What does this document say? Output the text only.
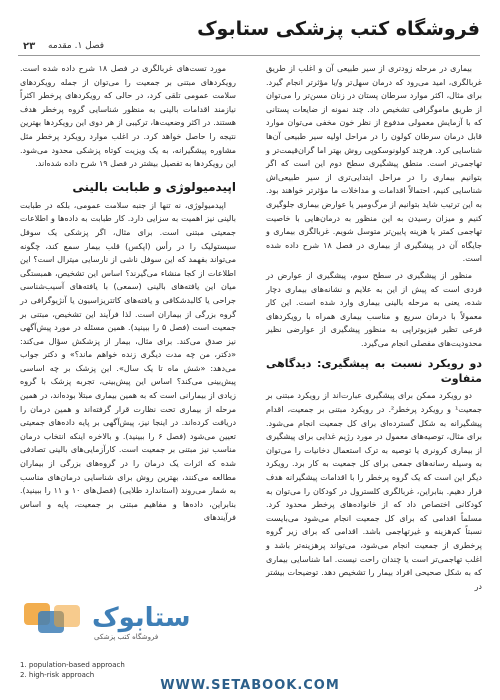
فروشگاه کتب پزشکی ستابوک
۲۳ فصل ۱. مقدمه

بیماری در مرحله زودتری از سیر طبیعی آن و اغلب از طریق غربالگری، امید می‌رود که درمان سهل‌تر و/یا مؤثرتر انجام گیرد. برای مثال، اکثر موارد سرطان پستان در زنان مسن‌تر را می‌توان از طریق ماموگرافی تشخیص داد. چند نمونه از ضایعات پستانی که با آزمایش معمولی مدفوع از نظر خون مخفی می‌توان موارد قابل درمان سرطان کولون را در مراحل اولیه سیر طبیعی آن‌ها شناسایی کرد. هرچند کولونوسکوپی روش بهتر اما گران‌قیمت‌تر و تهاجمی‌تر است. منطق پیشگیری سطح دوم این است که اگر بتوانیم بیماری را در مراحل ابتدایی‌تری از سیر طبیعی‌اش شناسایی کنیم، احتمالاً اقدامات و مداخلات ما مؤثرتر خواهند بود. به این ترتیب شاید بتوانیم از مرگ‌ومیر یا عوارض بیماری جلوگیری کنیم و میزان رسیدن به این منظور به درمان‌هایی با خاصیت تهاجمی کمتر یا هزینه پایین‌تر متوسل شویم. غربالگری بیماری و جایگاه آن در پیشگیری از بیماری در فصل ۱۸ شرح داده شده است.

منظور از پیشگیری در سطح سوم، پیشگیری از عوارض در فردی است که پیش از این به علایم و نشانه‌های بیماری دچار شده، یعنی به مرحله بالینی بیماری وارد شده است. این کار معمولاً با درمان سریع و مناسب بیماری همراه با رویکردهای فرعی تظیر فیزیوتراپی به منظور پیشگیری از عوارضی نظیر محدودیت‌های مفصلی انجام می‌گیرد.

دو رویکرد نسبت به پیشگیری: دیدگاهی متفاوت

دو رویکرد ممکن برای پیشگیری عبارت‌اند از رویکرد مبتنی بر جمعیت¹ و رویکرد پرخطر². در رویکرد مبتنی بر جمعیت، اقدام پیشگیرانه به شکل گسترده‌ای برای کل جمعیت انجام می‌شود. برای مثال، توصیه‌های معمول در مورد رژیم غذایی برای پیشگیری از بیماری کرونری یا توصیه به ترک استعمال دخانیات را می‌توان به وسیله رسانه‌های جمعی برای کل جمعیت به کار برد. رویکرد دیگر این است که یک گروه پرخطر را با اقدامات پیشگیرانه هدف قرار دهیم. بنابراین، غربالگری کلسترول در کودکان را می‌توان به کودکانی اختصاص داد که از خانواده‌های پرخطر محدود کرد. مسلماً اقدامی که برای کل جمعیت انجام می‌شود می‌بایست نسبتاً کم‌هزینه و غیرتهاجمی باشد. اقدامی که برای زیر گروه پرخطری از جمعیت انجام می‌شود، می‌تواند پرهزینه‌تر باشد و اغلب تهاجمی‌تر است یا چندان راحت نیست. اما شناسایی بیماری که به شکل صحیحی افراد بیمار را تشخیص دهد. توضیحات بیشتر در

مورد تست‌های غربالگری در فصل ۱۸ شرح داده شده است. رویکردهای مبتنی بر جمعیت را می‌توان از جمله رویکردهای سلامت عمومی تلقی کرد، در حالی که رویکردهای پرخطر اکثراً نیازمند اقدامات بالینی به منظور شناسایی گروه پرخطر هدف هستند. در اکثر وضعیت‌ها، ترکیبی از هر دوی این رویکردها بهترین نتیجه را حاصل خواهد کرد. در اغلب موارد رویکرد پرخطر مثل مشاوره پیشگیرانه، به یک ویزیت کوتاه پزشکی محدود می‌شود. این رویکردها به تفصیل بیشتر در فصل ۱۹ شرح داده شده‌اند.

اپیدمیولوژی و طبابت بالینی

اپیدمیولوژی، نه تنها از جنبه سلامت عمومی، بلکه در طبابت بالینی نیز اهمیت به سزایی دارد. کار طبابت به داده‌ها و اطلاعات جمعیتی مبتنی است. برای مثال، اگر پزشکی یک سوفل سیستولیک را در رأس (اپکس) قلب بیمار سمع کند، چگونه می‌تواند بفهمد که این سوفل ناشی از نارسایی میترال است؟ این اطلاعات از کجا منشاء می‌گیرند؟ اساس این تشخیص، همبستگی میان این یافته‌های بالینی (سمعی) با یافته‌های آسیب‌شناسی جراحی یا کالبدشکافی و یافته‌های کاتتریزاسیون یا آنژیوگرافی در گروه بزرگی از بیماران است. لذا فرآیند این تشخیص، مبتنی بر جمعیت است (فصل ۵ را ببینید). همین مسئله در مورد پیش‌آگهی نیز صدق می‌کند. برای مثال، بیمار از پزشکش سؤال می‌کند: «دکتر، من چه مدت دیگری زنده خواهم ماند؟» و دکتر جواب می‌دهد: «شش ماه تا یک سال». این پزشک بر چه اساسی پیش‌بینی می‌کند؟ اساس این پیش‌بینی، تجربه پزشک با گروه زیادی از بیمارانی است که به همین بیماری مبتلا بوده‌اند، در همین مرحله از بیماری تحت نظارت قرار گرفته‌اند و همین درمان را دریافت کرده‌اند. در اینجا نیز، پیش‌آگهی بر پایه داده‌های جمعیتی تعیین می‌شود (فصل ۶ را ببینید). و بالاخره اینکه انتخاب درمان مناسب نیز مبتنی بر جمعیت است. کارآزمایی‌های بالینی تصادفی شده که اثرات یک درمان را در گروه‌های بزرگی از بیماران مطالعه می‌کنند، بهترین روش برای شناسایی درمان‌های مناسب به شمار می‌روند (استاندارد طلایی) (فصل‌های ۱۰ و ۱۱ را ببینید). بنابراین، داده‌ها و مفاهیم مبتنی بر جمعیت، پایه و اساس فرآیندهای

ستابوک
فروشگاه کتب پزشکی
1. population-based approach
2. high-risk approach
WWW.SETABOOK.COM
